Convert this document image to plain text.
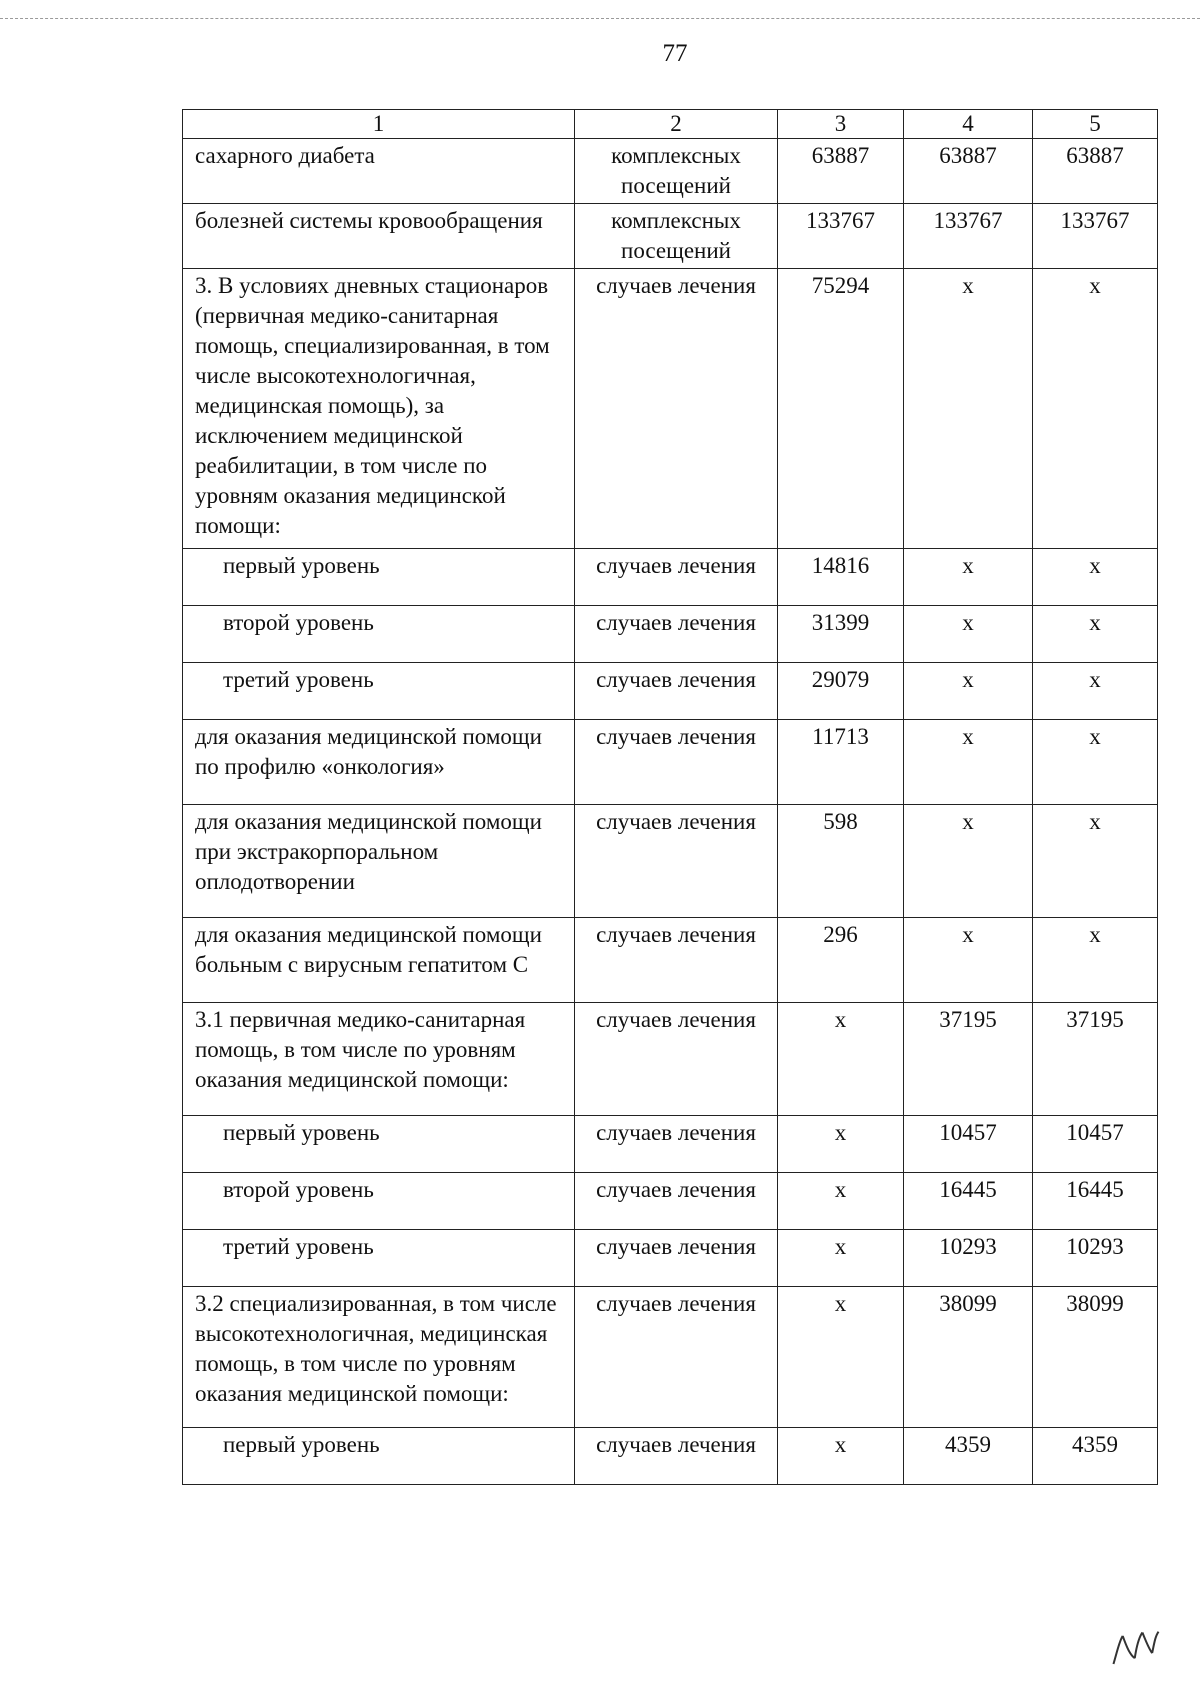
77
1	2	3	4	5
сахарного диабета	комплексных посещений	63887	63887	63887
болезней системы кровообращения	комплексных посещений	133767	133767	133767
3. В условиях дневных стационаров (первичная медико-санитарная помощь, специализированная, в том числе высокотехнологичная, медицинская помощь), за исключением медицинской реабилитации, в том числе по уровням оказания медицинской помощи:	случаев лечения	75294	х	х
первый уровень	случаев лечения	14816	х	х
второй уровень	случаев лечения	31399	х	х
третий уровень	случаев лечения	29079	х	х
для оказания медицинской помощи по профилю «онкология»	случаев лечения	11713	х	х
для оказания медицинской помощи при экстракорпоральном оплодотворении	случаев лечения	598	х	х
для оказания медицинской помощи больным с вирусным гепатитом С	случаев лечения	296	х	х
3.1 первичная медико-санитарная помощь, в том числе по уровням оказания медицинской помощи:	случаев лечения	х	37195	37195
первый уровень	случаев лечения	х	10457	10457
второй уровень	случаев лечения	х	16445	16445
третий уровень	случаев лечения	х	10293	10293
3.2 специализированная, в том числе высокотехнологичная, медицинская помощь, в том числе по уровням оказания медицинской помощи:	случаев лечения	х	38099	38099
первый уровень	случаев лечения	х	4359	4359
